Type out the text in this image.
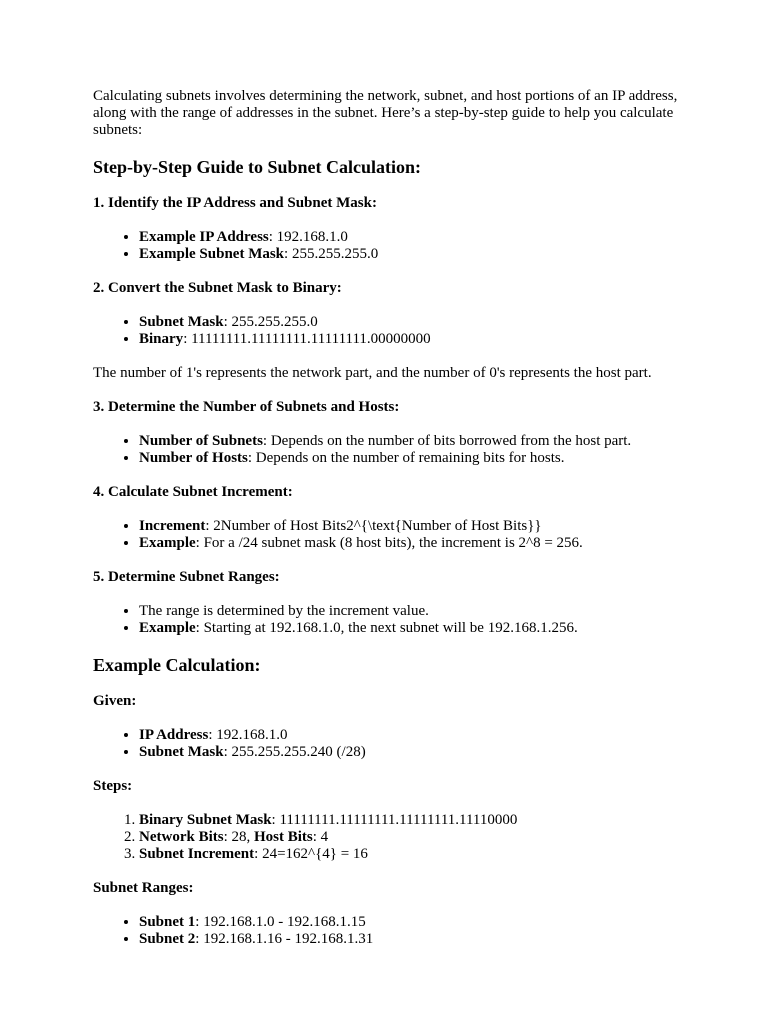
Calculating subnets involves determining the network, subnet, and host portions of an IP address, along with the range of addresses in the subnet. Here’s a step-by-step guide to help you calculate subnets:

Step-by-Step Guide to Subnet Calculation:
1. Identify the IP Address and Subnet Mask:
• Example IP Address: 192.168.1.0
• Example Subnet Mask: 255.255.255.0
2. Convert the Subnet Mask to Binary:
• Subnet Mask: 255.255.255.0
• Binary: 11111111.11111111.11111111.00000000

The number of 1's represents the network part, and the number of 0's represents the host part.

3. Determine the Number of Subnets and Hosts:
• Number of Subnets: Depends on the number of bits borrowed from the host part.
• Number of Hosts: Depends on the number of remaining bits for hosts.
4. Calculate Subnet Increment:
• Increment: 2Number of Host Bits2^{\text{Number of Host Bits}}
• Example: For a /24 subnet mask (8 host bits), the increment is 2^8 = 256.
5. Determine Subnet Ranges:
• The range is determined by the increment value.
• Example: Starting at 192.168.1.0, the next subnet will be 192.168.1.256.
Example Calculation:
Given:
• IP Address: 192.168.1.0
• Subnet Mask: 255.255.255.240 (/28)
Steps:
1. Binary Subnet Mask: 11111111.11111111.11111111.11110000
2. Network Bits: 28, Host Bits: 4
3. Subnet Increment: 24=162^{4} = 16
Subnet Ranges:
• Subnet 1: 192.168.1.0 - 192.168.1.15
• Subnet 2: 192.168.1.16 - 192.168.1.31
